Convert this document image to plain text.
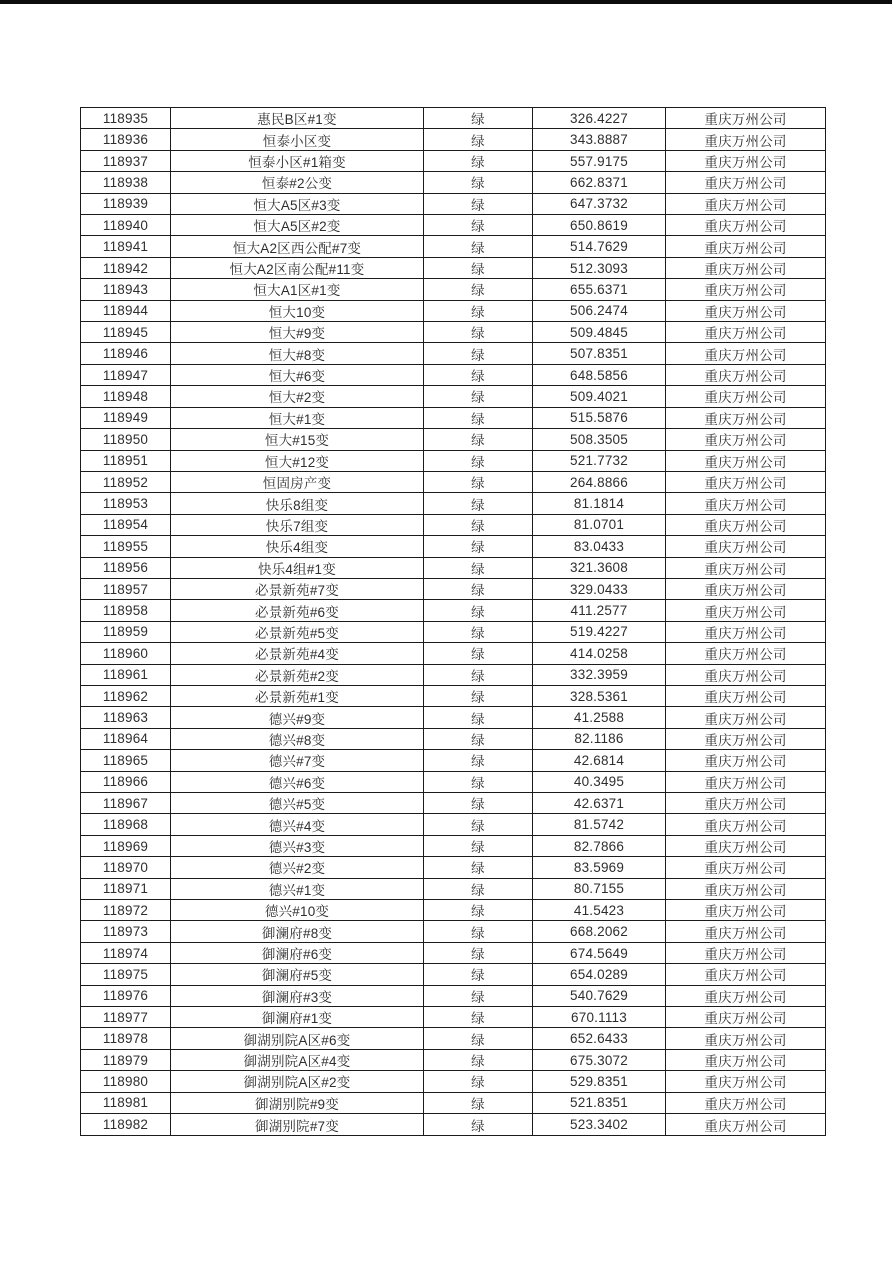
118935	惠民B区#1变	绿	326.4227	重庆万州公司
118936	恒泰小区变	绿	343.8887	重庆万州公司
118937	恒泰小区#1箱变	绿	557.9175	重庆万州公司
118938	恒泰#2公变	绿	662.8371	重庆万州公司
118939	恒大A5区#3变	绿	647.3732	重庆万州公司
118940	恒大A5区#2变	绿	650.8619	重庆万州公司
118941	恒大A2区西公配#7变	绿	514.7629	重庆万州公司
118942	恒大A2区南公配#11变	绿	512.3093	重庆万州公司
118943	恒大A1区#1变	绿	655.6371	重庆万州公司
118944	恒大10变	绿	506.2474	重庆万州公司
118945	恒大#9变	绿	509.4845	重庆万州公司
118946	恒大#8变	绿	507.8351	重庆万州公司
118947	恒大#6变	绿	648.5856	重庆万州公司
118948	恒大#2变	绿	509.4021	重庆万州公司
118949	恒大#1变	绿	515.5876	重庆万州公司
118950	恒大#15变	绿	508.3505	重庆万州公司
118951	恒大#12变	绿	521.7732	重庆万州公司
118952	恒固房产变	绿	264.8866	重庆万州公司
118953	快乐8组变	绿	81.1814	重庆万州公司
118954	快乐7组变	绿	81.0701	重庆万州公司
118955	快乐4组变	绿	83.0433	重庆万州公司
118956	快乐4组#1变	绿	321.3608	重庆万州公司
118957	必景新苑#7变	绿	329.0433	重庆万州公司
118958	必景新苑#6变	绿	411.2577	重庆万州公司
118959	必景新苑#5变	绿	519.4227	重庆万州公司
118960	必景新苑#4变	绿	414.0258	重庆万州公司
118961	必景新苑#2变	绿	332.3959	重庆万州公司
118962	必景新苑#1变	绿	328.5361	重庆万州公司
118963	德兴#9变	绿	41.2588	重庆万州公司
118964	德兴#8变	绿	82.1186	重庆万州公司
118965	德兴#7变	绿	42.6814	重庆万州公司
118966	德兴#6变	绿	40.3495	重庆万州公司
118967	德兴#5变	绿	42.6371	重庆万州公司
118968	德兴#4变	绿	81.5742	重庆万州公司
118969	德兴#3变	绿	82.7866	重庆万州公司
118970	德兴#2变	绿	83.5969	重庆万州公司
118971	德兴#1变	绿	80.7155	重庆万州公司
118972	德兴#10变	绿	41.5423	重庆万州公司
118973	御澜府#8变	绿	668.2062	重庆万州公司
118974	御澜府#6变	绿	674.5649	重庆万州公司
118975	御澜府#5变	绿	654.0289	重庆万州公司
118976	御澜府#3变	绿	540.7629	重庆万州公司
118977	御澜府#1变	绿	670.1113	重庆万州公司
118978	御湖别院A区#6变	绿	652.6433	重庆万州公司
118979	御湖别院A区#4变	绿	675.3072	重庆万州公司
118980	御湖别院A区#2变	绿	529.8351	重庆万州公司
118981	御湖别院#9变	绿	521.8351	重庆万州公司
118982	御湖别院#7变	绿	523.3402	重庆万州公司
